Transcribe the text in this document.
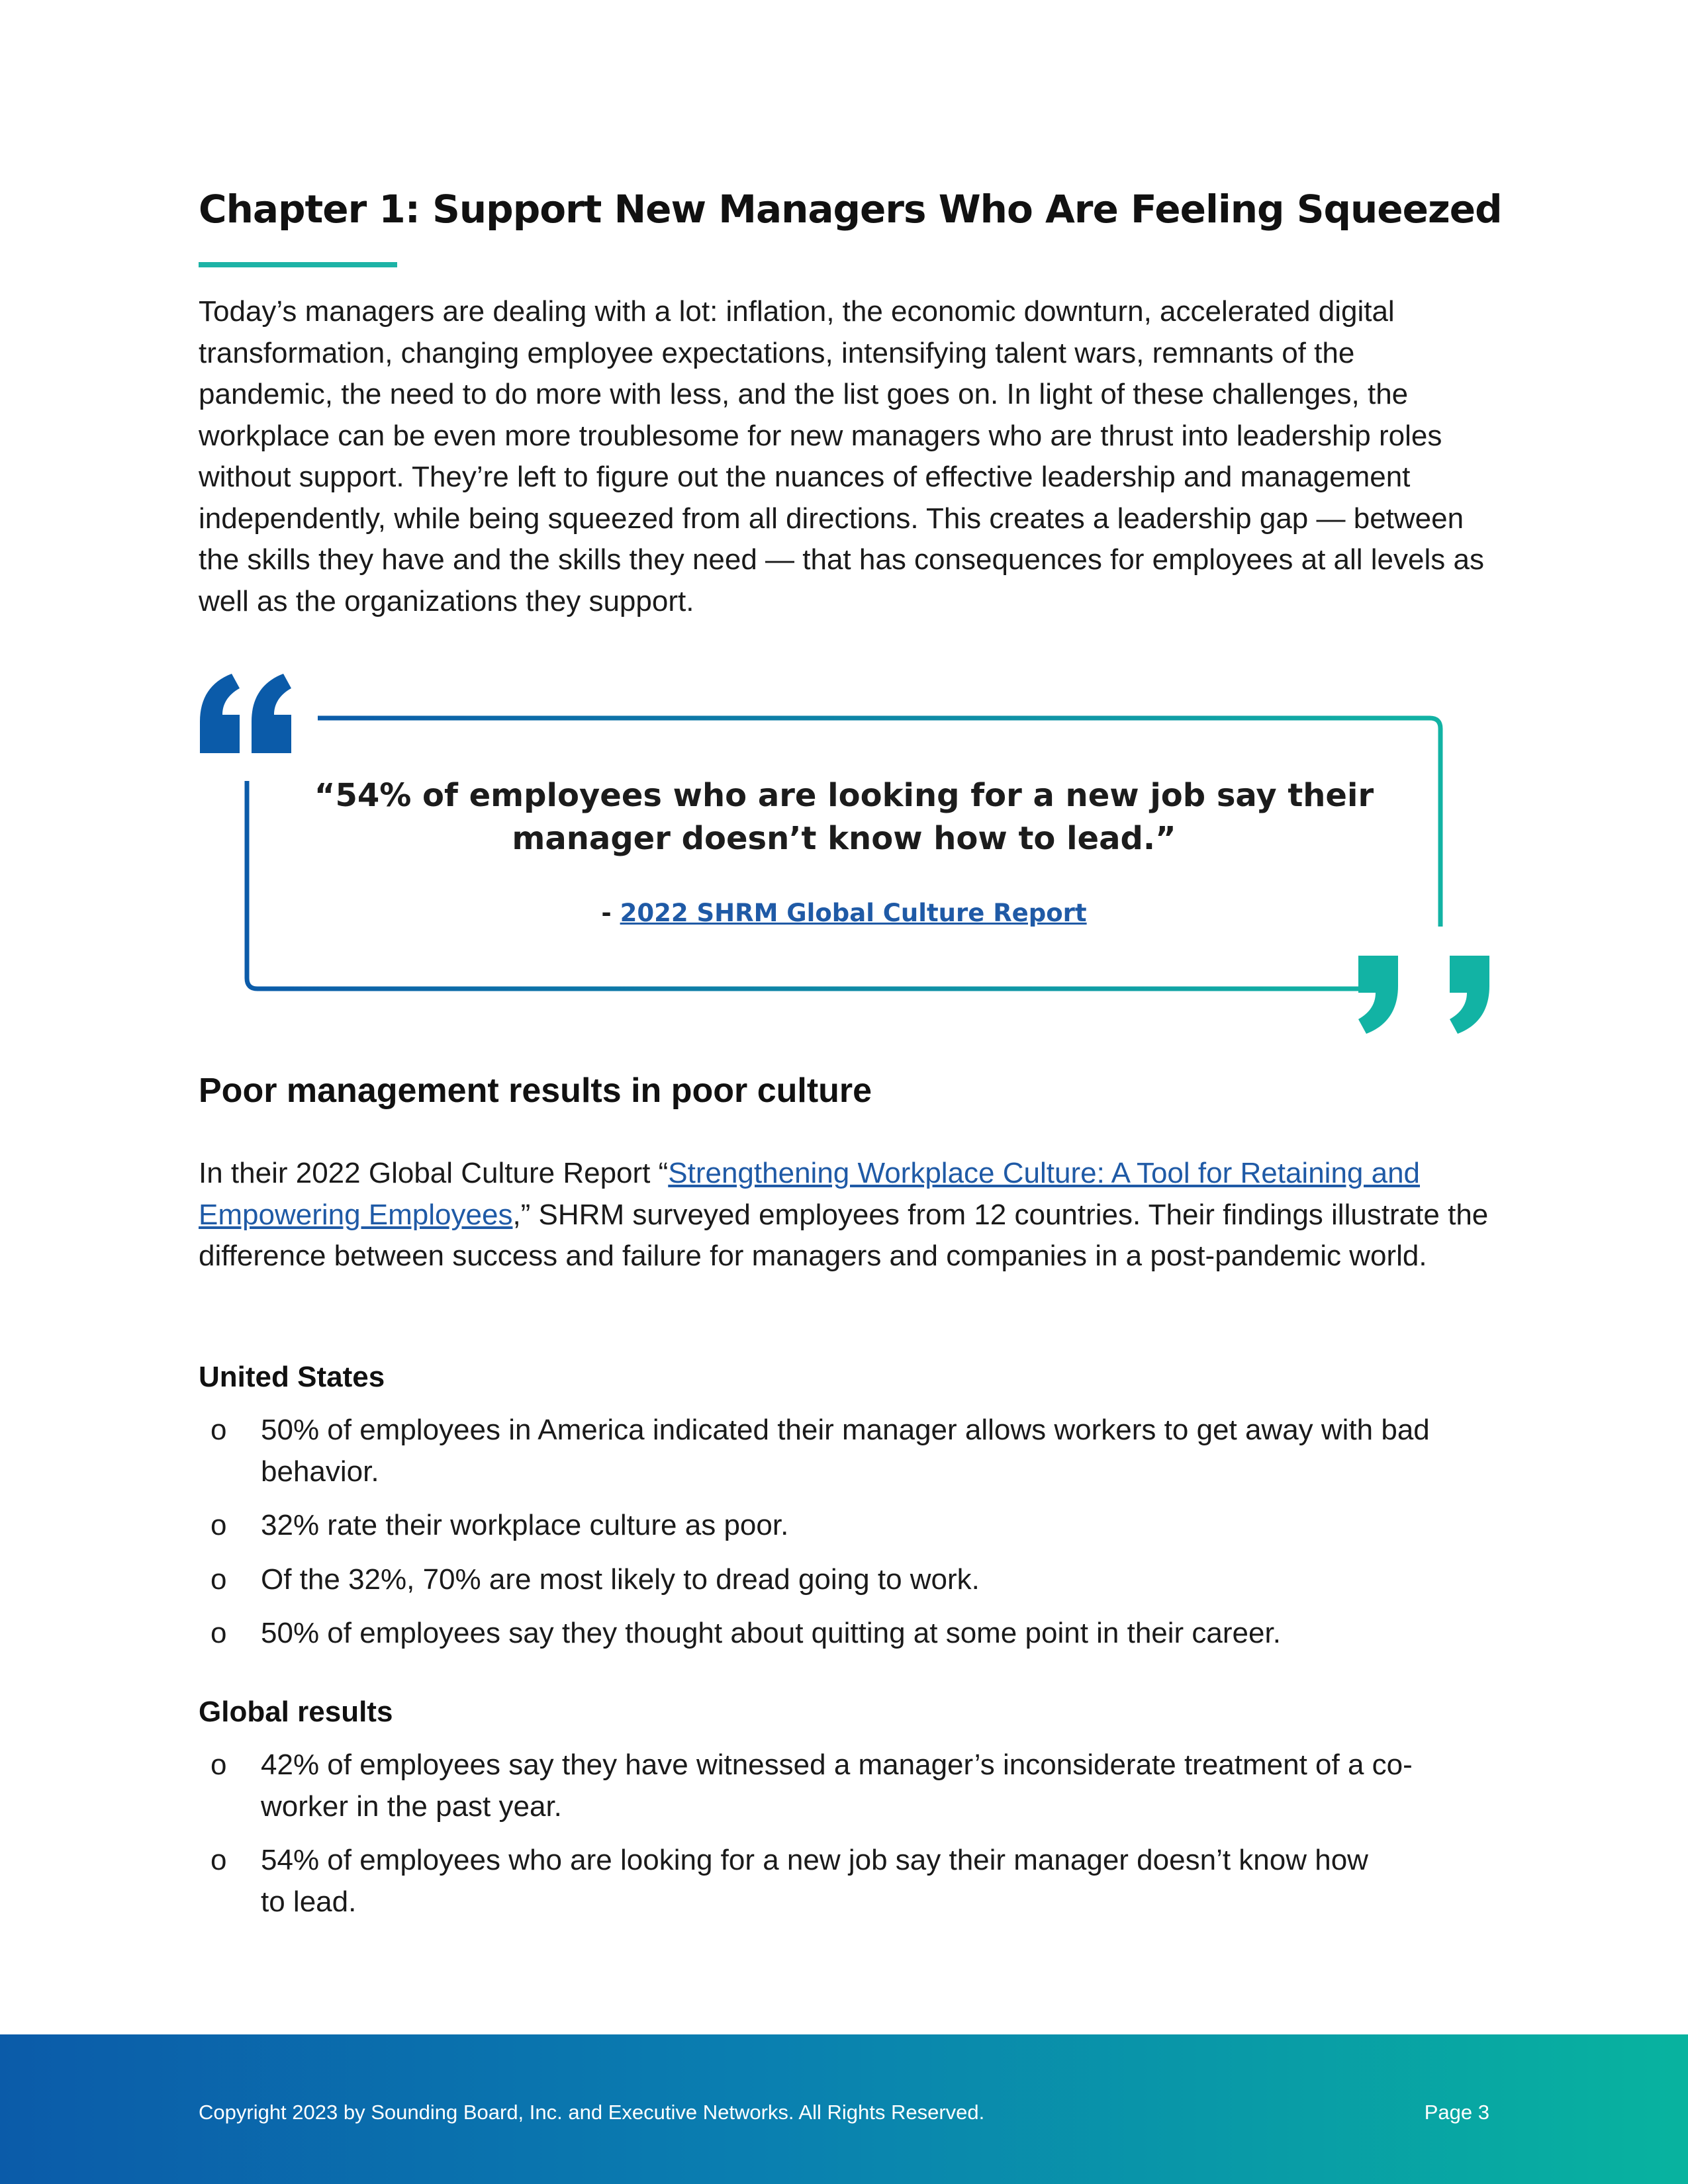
Chapter 1: Support New Managers Who Are Feeling Squeezed

Today’s managers are dealing with a lot: inflation, the economic downturn, accelerated digital transformation, changing employee expectations, intensifying talent wars, remnants of the pandemic, the need to do more with less, and the list goes on. In light of these challenges, the workplace can be even more troublesome for new managers who are thrust into leadership roles without support. They’re left to figure out the nuances of effective leadership and management independently, while being squeezed from all directions. This creates a leadership gap — between the skills they have and the skills they need — that has consequences for employees at all levels as well as the organizations they support.

“54% of employees who are looking for a new job say their manager doesn’t know how to lead.”

- 2022 SHRM Global Culture Report
Poor management results in poor culture

In their 2022 Global Culture Report “Strengthening Workplace Culture: A Tool for Retaining and Empowering Employees,” SHRM surveyed employees from 12 countries. Their findings illustrate the difference between success and failure for managers and companies in a post-pandemic world.

United States
o 50% of employees in America indicated their manager allows workers to get away with bad behavior.
o 32% rate their workplace culture as poor.
o Of the 32%, 70% are most likely to dread going to work.
o 50% of employees say they thought about quitting at some point in their career.
Global results
o 42% of employees say they have witnessed a manager’s inconsiderate treatment of a co-worker in the past year.
o 54% of employees who are looking for a new job say their manager doesn’t know how to lead.
Copyright 2023 by Sounding Board, Inc. and Executive Networks. All Rights Reserved.	Page 3
